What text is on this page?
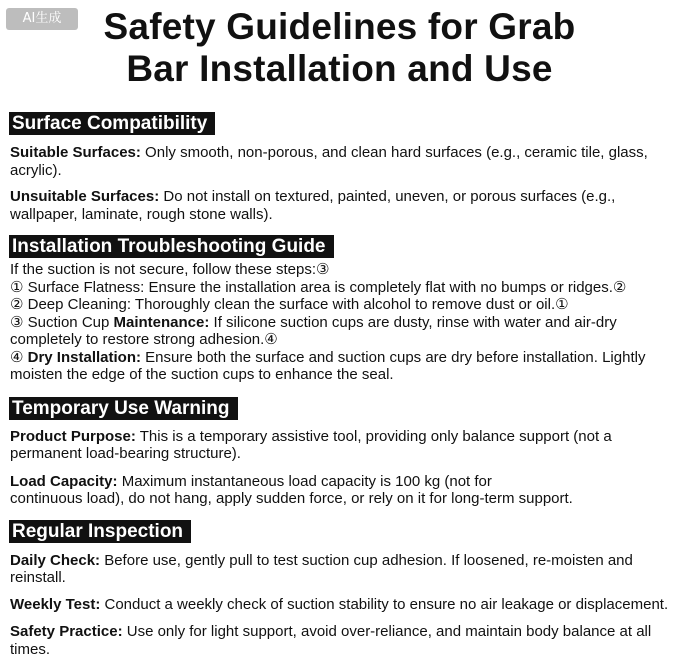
AI生成	Safety Guidelines for Grab
Bar Installation and Use
Surface Compatibility

Suitable Surfaces: Only smooth, non-porous, and clean hard surfaces (e.g., ceramic tile, glass, acrylic).

Unsuitable Surfaces: Do not install on textured, painted, uneven, or porous surfaces (e.g., wallpaper, laminate, rough stone walls).

Installation Troubleshooting Guide

If the suction is not secure, follow these steps:③

① Surface Flatness: Ensure the installation area is completely flat with no bumps or ridges.②

② Deep Cleaning: Thoroughly clean the surface with alcohol to remove dust or oil.①

③ Suction Cup Maintenance: If silicone suction cups are dusty, rinse with water and air-dry completely to restore strong adhesion.④

④ Dry Installation: Ensure both the surface and suction cups are dry before installation. Lightly moisten the edge of the suction cups to enhance the seal.

Temporary Use Warning

Product Purpose: This is a temporary assistive tool, providing only balance support (not a permanent load-bearing structure).

Load Capacity: Maximum instantaneous load capacity is 100 kg (not for
continuous load), do not hang, apply sudden force, or rely on it for long-term support.

Regular Inspection

Daily Check: Before use, gently pull to test suction cup adhesion. If loosened, re-moisten and reinstall.

Weekly Test: Conduct a weekly check of suction stability to ensure no air leakage or displacement.

Safety Practice: Use only for light support, avoid over-reliance, and maintain body balance at all times.
